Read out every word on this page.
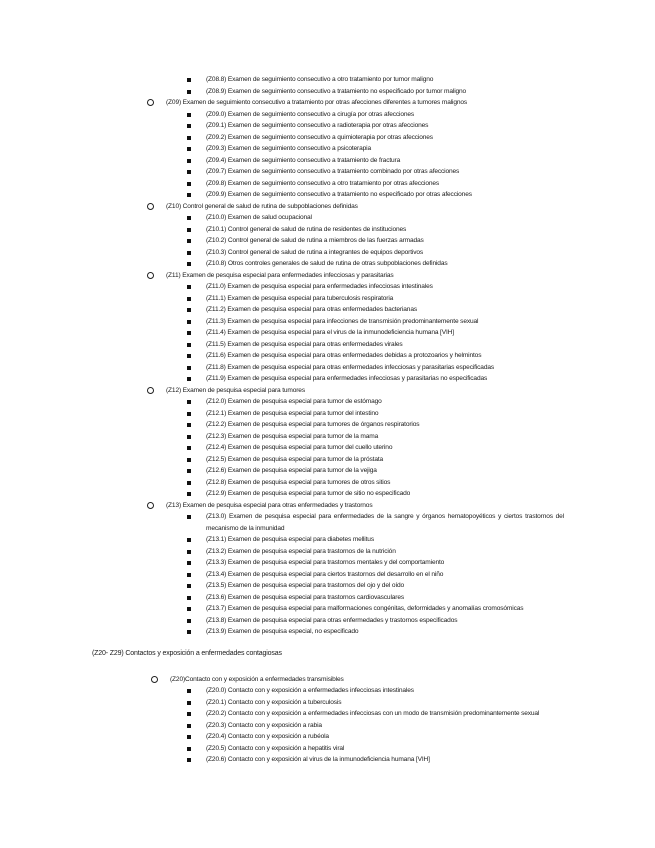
(Z08.8) Examen de seguimiento consecutivo a otro tratamiento por tumor maligno
(Z08.9) Examen de seguimiento consecutivo a tratamiento no especificado por tumor maligno
(Z09) Examen de seguimiento consecutivo a tratamiento por otras afecciones diferentes a tumores malignos
(Z09.0) Examen de seguimiento consecutivo a cirugía por otras afecciones
(Z09.1) Examen de seguimiento consecutivo a radioterapia por otras afecciones
(Z09.2) Examen de seguimiento consecutivo a quimioterapia por otras afecciones
(Z09.3) Examen de seguimiento consecutivo a psicoterapia
(Z09.4) Examen de seguimiento consecutivo a tratamiento de fractura
(Z09.7) Examen de seguimiento consecutivo a tratamiento combinado por otras afecciones
(Z09.8) Examen de seguimiento consecutivo a otro tratamiento por otras afecciones
(Z09.9) Examen de seguimiento consecutivo a tratamiento no especificado por otras afecciones
(Z10) Control general de salud de rutina de subpoblaciones definidas
(Z10.0) Examen de salud ocupacional
(Z10.1) Control general de salud de rutina de residentes de instituciones
(Z10.2) Control general de salud de rutina a miembros de las fuerzas armadas
(Z10.3) Control general de salud de rutina a integrantes de equipos deportivos
(Z10.8) Otros controles generales de salud de rutina de otras subpoblaciones definidas
(Z11) Examen de pesquisa especial para enfermedades infecciosas y parasitarias
(Z11.0) Examen de pesquisa especial para enfermedades infecciosas intestinales
(Z11.1) Examen de pesquisa especial para tuberculosis respiratoria
(Z11.2) Examen de pesquisa especial para otras enfermedades bacterianas
(Z11.3) Examen de pesquisa especial para infecciones de transmisión predominantemente sexual
(Z11.4) Examen de pesquisa especial para el virus de la inmunodeficiencia humana [VIH]
(Z11.5) Examen de pesquisa especial para otras enfermedades virales
(Z11.6) Examen de pesquisa especial para otras enfermedades debidas a protozoarios y helmintos
(Z11.8) Examen de pesquisa especial para otras enfermedades infecciosas y parasitarias especificadas
(Z11.9) Examen de pesquisa especial para enfermedades infecciosas y parasitarias no especificadas
(Z12) Examen de pesquisa especial para tumores
(Z12.0) Examen de pesquisa especial para tumor de estómago
(Z12.1) Examen de pesquisa especial para tumor del intestino
(Z12.2) Examen de pesquisa especial para tumores de órganos respiratorios
(Z12.3) Examen de pesquisa especial para tumor de la mama
(Z12.4) Examen de pesquisa especial para tumor del cuello uterino
(Z12.5) Examen de pesquisa especial para tumor de la próstata
(Z12.6) Examen de pesquisa especial para tumor de la vejiga
(Z12.8) Examen de pesquisa especial para tumores de otros sitios
(Z12.9) Examen de pesquisa especial para tumor de sitio no especificado
(Z13) Examen de pesquisa especial para otras enfermedades y trastornos
(Z13.0) Examen de pesquisa especial para enfermedades de la sangre y órganos hematopoyéticos y ciertos trastornos del mecanismo de la inmunidad
(Z13.1) Examen de pesquisa especial para diabetes mellitus
(Z13.2) Examen de pesquisa especial para trastornos de la nutrición
(Z13.3) Examen de pesquisa especial para trastornos mentales y del comportamiento
(Z13.4) Examen de pesquisa especial para ciertos trastornos del desarrollo en el niño
(Z13.5) Examen de pesquisa especial para trastornos del ojo y del oído
(Z13.6) Examen de pesquisa especial para trastornos cardiovasculares
(Z13.7) Examen de pesquisa especial para malformaciones congénitas, deformidades y anomalías cromosómicas
(Z13.8) Examen de pesquisa especial para otras enfermedades y trastornos especificados
(Z13.9) Examen de pesquisa especial, no especificado
(Z20- Z29) Contactos y exposición a enfermedades contagiosas
(Z20)Contacto con y exposición a enfermedades transmisibles
(Z20.0) Contacto con y exposición a enfermedades infecciosas intestinales
(Z20.1) Contacto con y exposición a tuberculosis
(Z20.2) Contacto con y exposición a enfermedades infecciosas con un modo de transmisión predominantemente sexual
(Z20.3) Contacto con y exposición a rabia
(Z20.4) Contacto con y exposición a rubéola
(Z20.5) Contacto con y exposición a hepatitis viral
(Z20.6) Contacto con y exposición al virus de la inmunodeficiencia humana [VIH]
